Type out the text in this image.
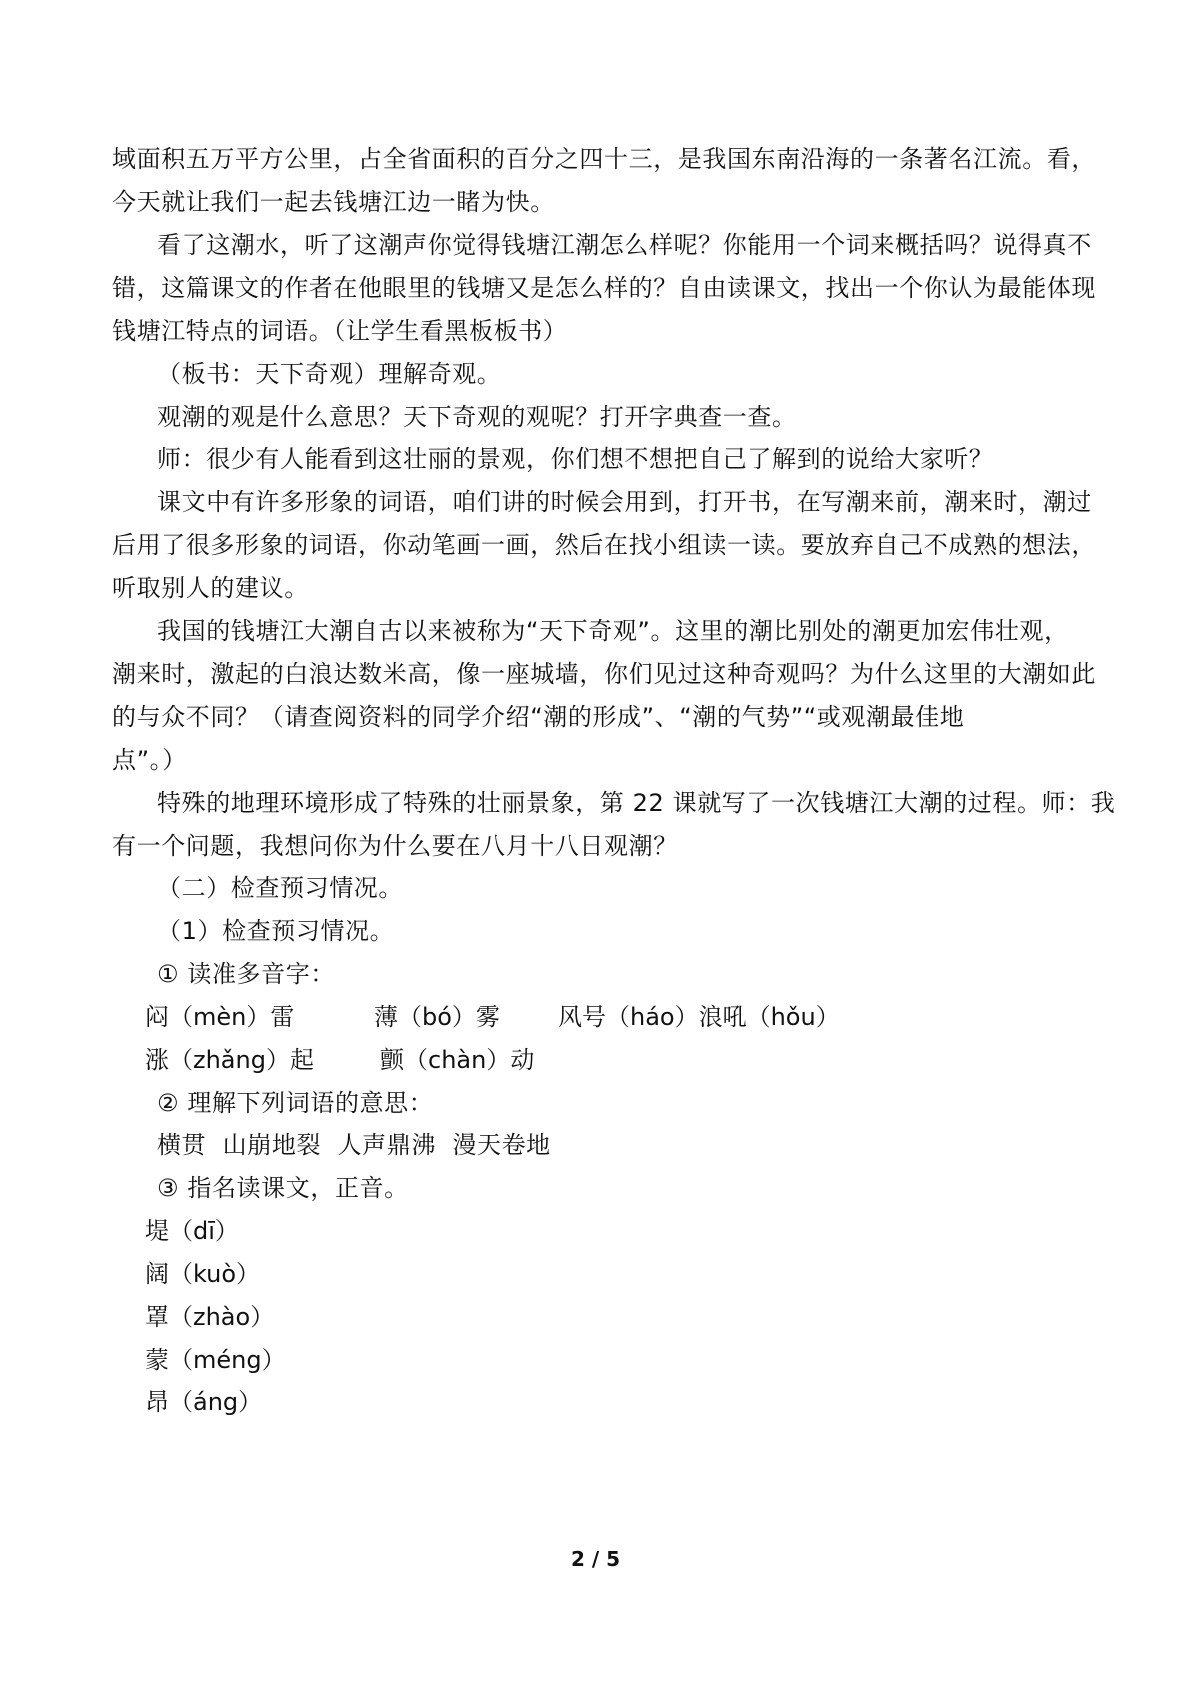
域面积五万平方公里，占全省面积的百分之四十三，是我国东南沿海的一条著名江流。看，
今天就让我们一起去钱塘江边一睹为快。
看了这潮水，听了这潮声你觉得钱塘江潮怎么样呢？你能用一个词来概括吗？说得真不
错，这篇课文的作者在他眼里的钱塘又是怎么样的？自由读课文，找出一个你认为最能体现
钱塘江特点的词语。（让学生看黑板板书）
（板书：天下奇观）理解奇观。
观潮的观是什么意思？天下奇观的观呢？打开字典查一查。
师：很少有人能看到这壮丽的景观，你们想不想把自己了解到的说给大家听？
课文中有许多形象的词语，咱们讲的时候会用到，打开书，在写潮来前，潮来时，潮过
后用了很多形象的词语，你动笔画一画，然后在找小组读一读。要放弃自己不成熟的想法，
听取别人的建议。
我国的钱塘江大潮自古以来被称为“天下奇观”。这里的潮比别处的潮更加宏伟壮观，
潮来时，激起的白浪达数米高，像一座城墙，你们见过这种奇观吗？为什么这里的大潮如此
的与众不同？（请查阅资料的同学介绍“潮的形成”、“潮的气势”“或观潮最佳地
点”。）
特殊的地理环境形成了特殊的壮丽景象，第 22 课就写了一次钱塘江大潮的过程。师：我
有一个问题，我想问你为什么要在八月十八日观潮？
（二）检查预习情况。
（1）检查预习情况。
① 读准多音字：
闷（mèn）雷	薄（bó）雾 风号（háo）浪吼（hǒu）
涨（zhǎng）起	颤（chàn）动
② 理解下列词语的意思：
横贯  山崩地裂  人声鼎沸  漫天卷地
③ 指名读课文，正音。
堤（dī）
阔（kuò）
罩（zhào）
蒙（méng）
昂（áng）
2 / 5
